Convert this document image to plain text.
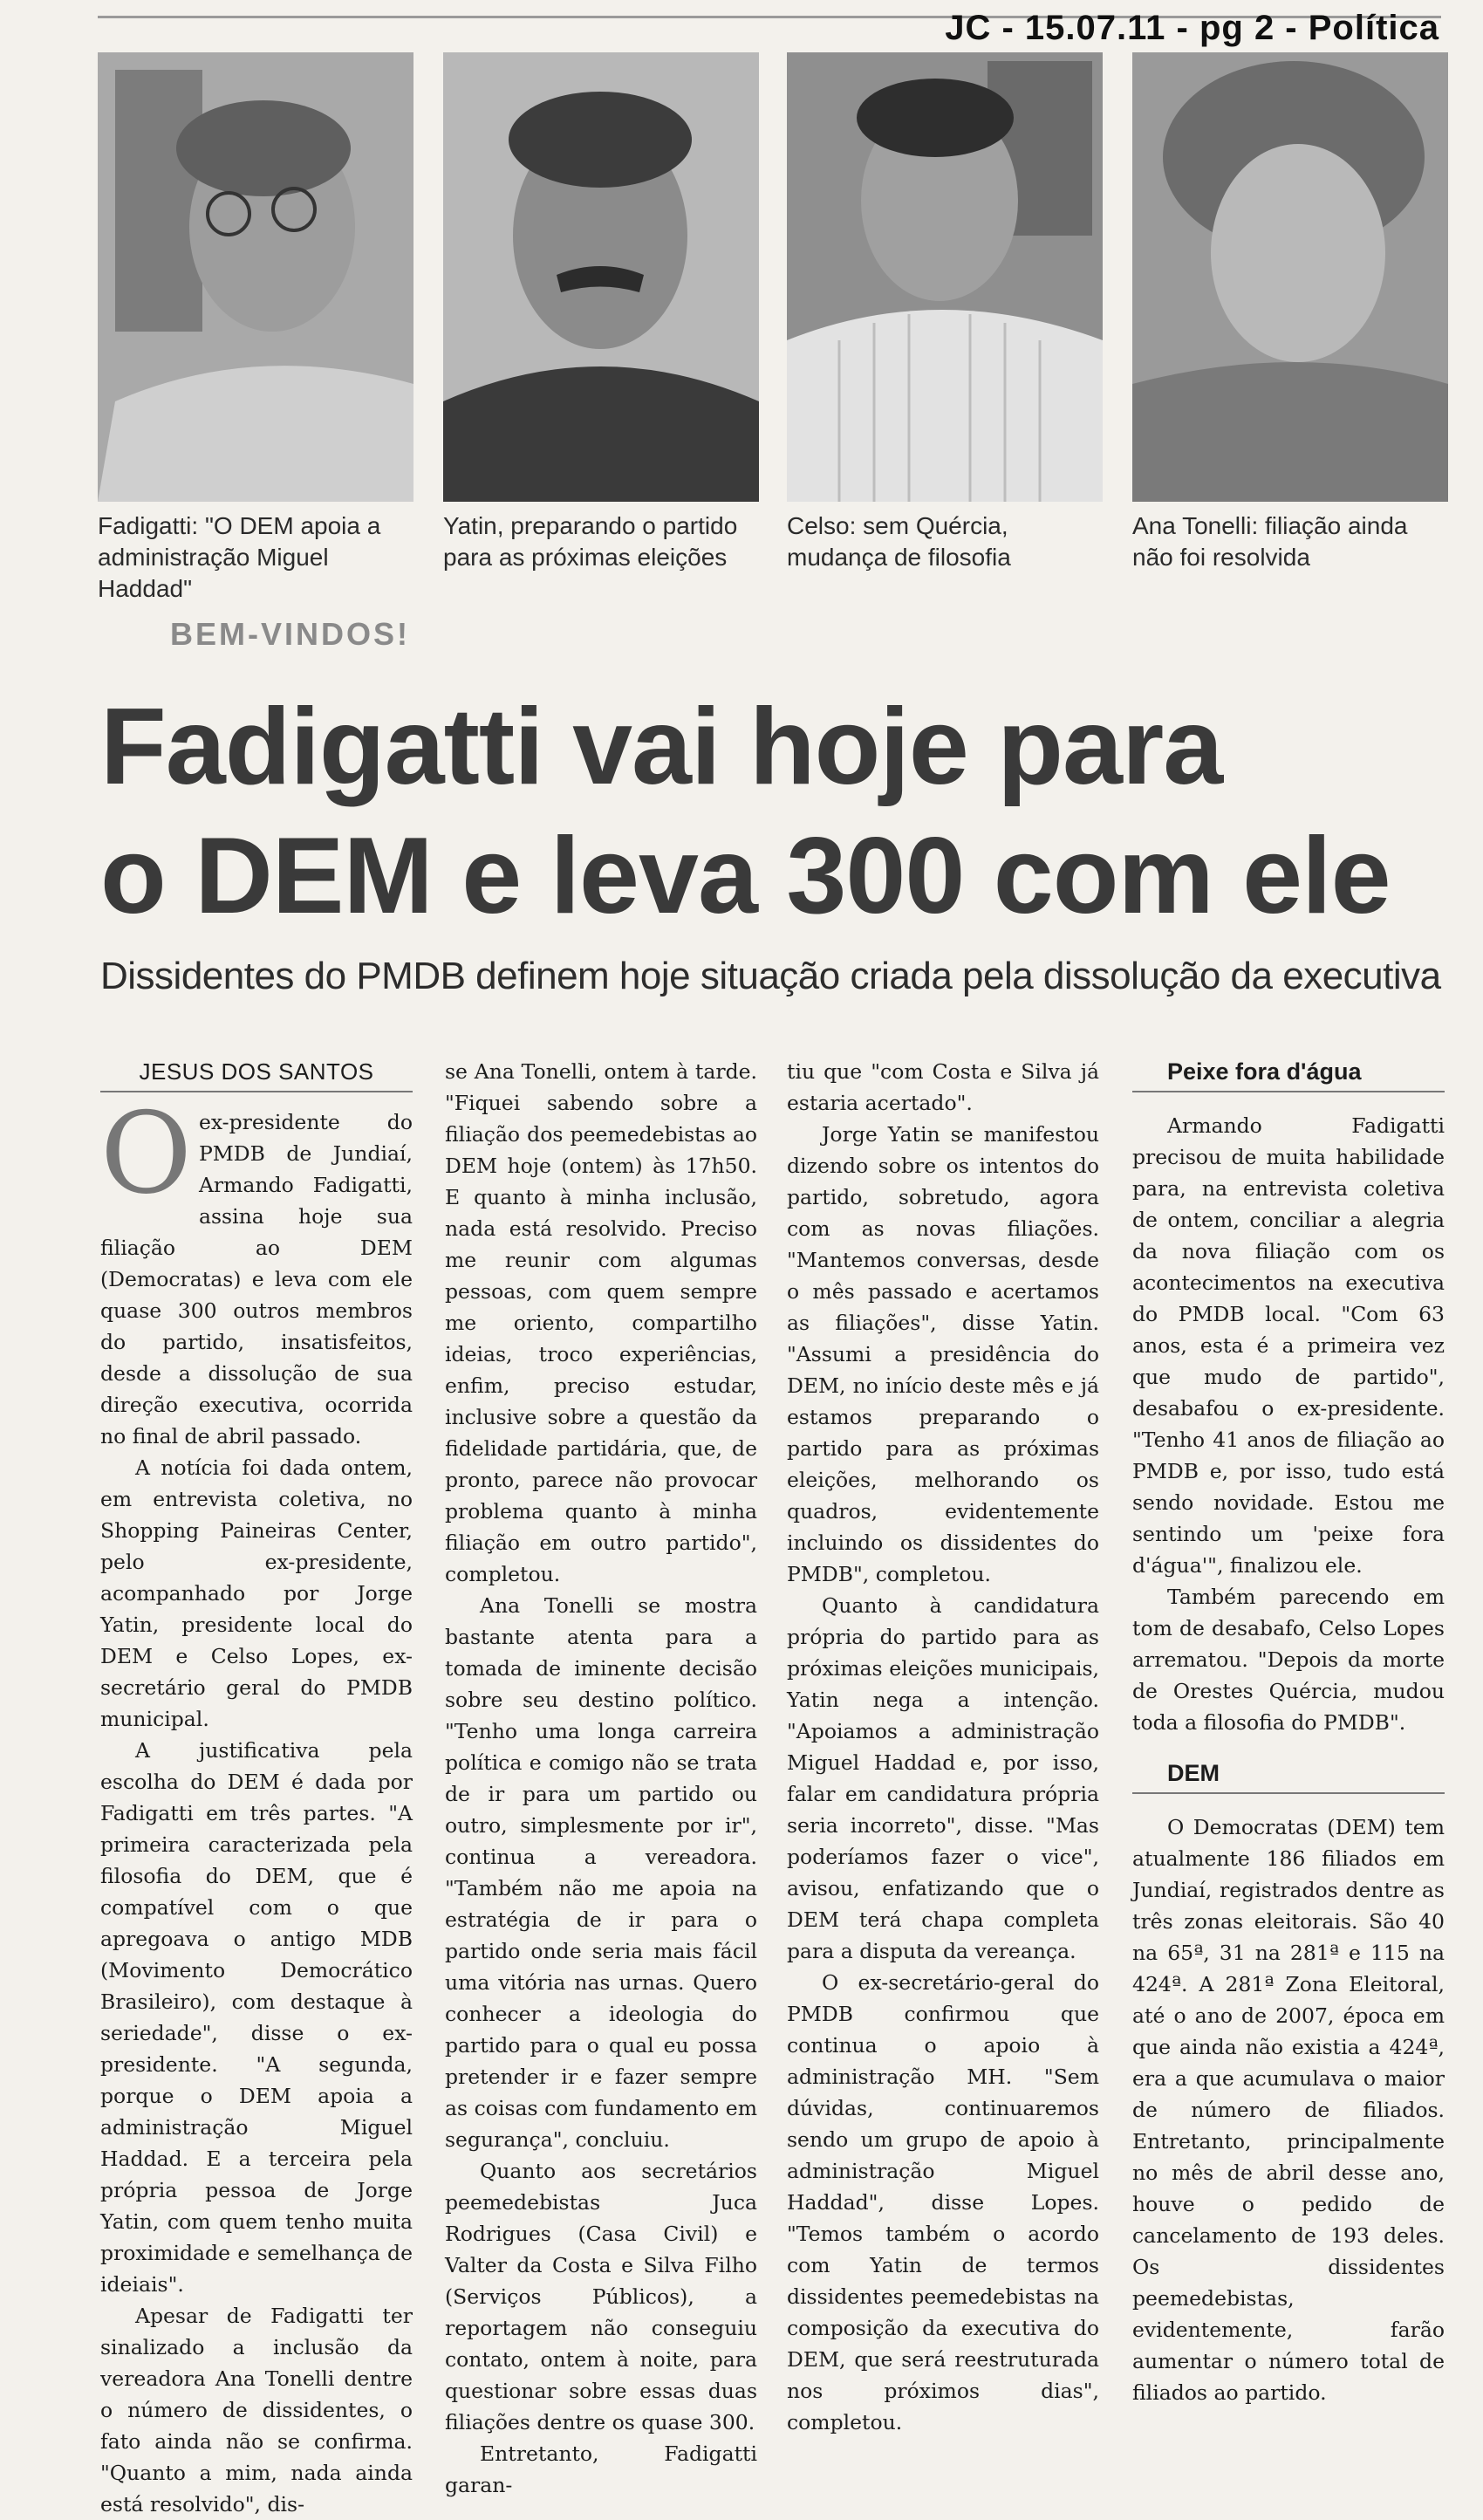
JC - 15.07.11 - pg 2 - Política
Fadigatti: "O DEM apoia a administração Miguel Haddad"
Yatin, preparando o partido para as próximas eleições
Celso: sem Quércia, mudança de filosofia
Ana Tonelli: filiação ainda não foi resolvida
BEM-VINDOS!
Fadigatti vai hoje para
o DEM e leva 300 com ele
Dissidentes do PMDB definem hoje situação criada pela dissolução da executiva
JESUS DOS SANTOS

Oex-presidente do PMDB de Jundiaí, Armando Fadigatti, assina hoje sua filiação ao DEM (Democratas) e leva com ele quase 300 outros membros do partido, insatisfeitos, desde a dissolução de sua direção executiva, ocorrida no final de abril passado.

A notícia foi dada ontem, em entrevista coletiva, no Shopping Paineiras Center, pelo ex-presidente, acompanhado por Jorge Yatin, presidente local do DEM e Celso Lopes, ex-secretário geral do PMDB municipal.

A justificativa pela escolha do DEM é dada por Fadigatti em três partes. "A primeira caracterizada pela filosofia do DEM, que é compatível com o que apregoava o antigo MDB (Movimento Democrático Brasileiro), com destaque à seriedade", disse o ex-presidente. "A segunda, porque o DEM apoia a administração Miguel Haddad. E a terceira pela própria pessoa de Jorge Yatin, com quem tenho muita proximidade e semelhança de ideiais".

Apesar de Fadigatti ter sinalizado a inclusão da vereadora Ana Tonelli dentre o número de dissidentes, o fato ainda não se confirma. "Quanto a mim, nada ainda está resolvido", dis-

se Ana Tonelli, ontem à tarde. "Fiquei sabendo sobre a filiação dos peemedebistas ao DEM hoje (ontem) às 17h50. E quanto à minha inclusão, nada está resolvido. Preciso me reunir com algumas pessoas, com quem sempre me oriento, compartilho ideias, troco experiências, enfim, preciso estudar, inclusive sobre a questão da fidelidade partidária, que, de pronto, parece não provocar problema quanto à minha filiação em outro partido", completou.

Ana Tonelli se mostra bastante atenta para a tomada de iminente decisão sobre seu destino político. "Tenho uma longa carreira política e comigo não se trata de ir para um partido ou outro, simplesmente por ir", continua a vereadora. "Também não me apoia na estratégia de ir para o partido onde seria mais fácil uma vitória nas urnas. Quero conhecer a ideologia do partido para o qual eu possa pretender ir e fazer sempre as coisas com fundamento em segurança", concluiu.

Quanto aos secretários peemedebistas Juca Rodrigues (Casa Civil) e Valter da Costa e Silva Filho (Serviços Públicos), a reportagem não conseguiu contato, ontem à noite, para questionar sobre essas duas filiações dentre os quase 300.

Entretanto, Fadigatti garan-

tiu que "com Costa e Silva já estaria acertado".

Jorge Yatin se manifestou dizendo sobre os intentos do partido, sobretudo, agora com as novas filiações. "Mantemos conversas, desde o mês passado e acertamos as filiações", disse Yatin. "Assumi a presidência do DEM, no início deste mês e já estamos preparando o partido para as próximas eleições, melhorando os quadros, evidentemente incluindo os dissidentes do PMDB", completou.

Quanto à candidatura própria do partido para as próximas eleições municipais, Yatin nega a intenção. "Apoiamos a administração Miguel Haddad e, por isso, falar em candidatura própria seria incorreto", disse. "Mas poderíamos fazer o vice", avisou, enfatizando que o DEM terá chapa completa para a disputa da vereança.

O ex-secretário-geral do PMDB confirmou que continua o apoio à administração MH. "Sem dúvidas, continuaremos sendo um grupo de apoio à administração Miguel Haddad", disse Lopes. "Temos também o acordo com Yatin de termos dissidentes peemedebistas na composição da executiva do DEM, que será reestruturada nos próximos dias", completou.

Peixe fora d'água

Armando Fadigatti precisou de muita habilidade para, na entrevista coletiva de ontem, conciliar a alegria da nova filiação com os acontecimentos na executiva do PMDB local. "Com 63 anos, esta é a primeira vez que mudo de partido", desabafou o ex-presidente. "Tenho 41 anos de filiação ao PMDB e, por isso, tudo está sendo novidade. Estou me sentindo um 'peixe fora d'água'", finalizou ele.

Também parecendo em tom de desabafo, Celso Lopes arrematou. "Depois da morte de Orestes Quércia, mudou toda a filosofia do PMDB".

DEM

O Democratas (DEM) tem atualmente 186 filiados em Jundiaí, registrados dentre as três zonas eleitorais. São 40 na 65ª, 31 na 281ª e 115 na 424ª. A 281ª Zona Eleitoral, até o ano de 2007, época em que ainda não existia a 424ª, era a que acumulava o maior de número de filiados. Entretanto, principalmente no mês de abril desse ano, houve o pedido de cancelamento de 193 deles. Os dissidentes peemedebistas, evidentemente, farão aumentar o número total de filiados ao partido.
